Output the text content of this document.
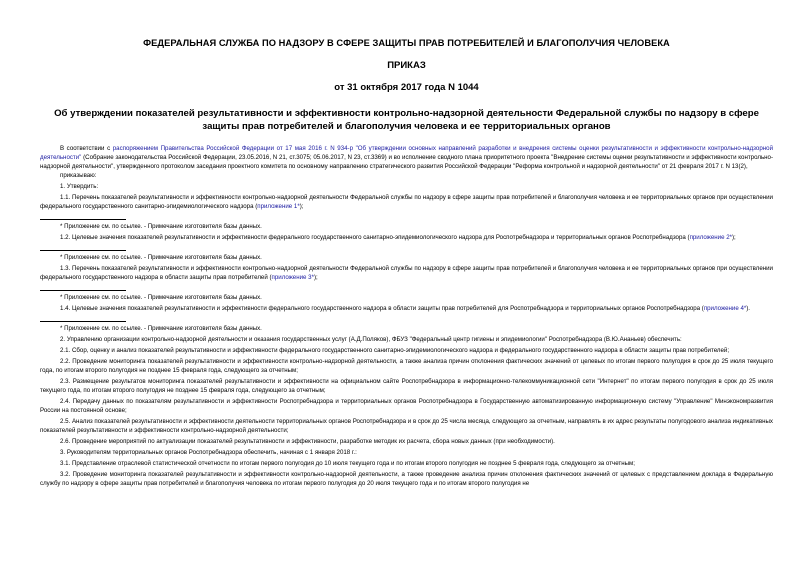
ФЕДЕРАЛЬНАЯ СЛУЖБА ПО НАДЗОРУ В СФЕРЕ ЗАЩИТЫ ПРАВ ПОТРЕБИТЕЛЕЙ И БЛАГОПОЛУЧИЯ ЧЕЛОВЕКА
ПРИКАЗ
от 31 октября 2017 года N 1044
Об утверждении показателей результативности и эффективности контрольно-надзорной деятельности Федеральной службы по надзору в сфере защиты прав потребителей и благополучия человека и ее территориальных органов

В соответствии с распоряжением Правительства Российской Федерации от 17 мая 2016 г. N 934-р "Об утверждении основных направлений разработки и внедрения системы оценки результативности и эффективности контрольно-надзорной деятельности" (Собрание законодательства Российской Федерации, 23.05.2016, N 21, ст.3075; 05.06.2017, N 23, ст.3369) и во исполнение сводного плана приоритетного проекта "Внедрение системы оценки результативности и эффективности контрольно-надзорной деятельности", утвержденного протоколом заседания проектного комитета по основному направлению стратегического развития Российской Федерации "Реформа контрольной и надзорной деятельности" от 21 февраля 2017 г. N 13(2),

приказываю:

1. Утвердить:

1.1. Перечень показателей результативности и эффективности контрольно-надзорной деятельности Федеральной службы по надзору в сфере защиты прав потребителей и благополучия человека и ее территориальных органов при осуществлении федерального государственного санитарно-эпидемиологического надзора (приложение 1*);

* Приложение см. по ссылке. - Примечание изготовителя базы данных.

1.2. Целевые значения показателей результативности и эффективности федерального государственного санитарно-эпидемиологического надзора для Роспотребнадзора и территориальных органов Роспотребнадзора (приложение 2*);

* Приложение см. по ссылке. - Примечание изготовителя базы данных.

1.3. Перечень показателей результативности и эффективности контрольно-надзорной деятельности Федеральной службы по надзору в сфере защиты прав потребителей и благополучия человека и ее территориальных органов при осуществлении федерального государственного надзора в области защиты прав потребителей (приложение 3*);

* Приложение см. по ссылке. - Примечание изготовителя базы данных.

1.4. Целевые значения показателей результативности и эффективности федерального государственного надзора в области защиты прав потребителей для Роспотребнадзора и территориальных органов Роспотребнадзора (приложение 4*).

* Приложение см. по ссылке. - Примечание изготовителя базы данных.

2. Управлению организации контрольно-надзорной деятельности и оказания государственных услуг (А.Д.Поляков), ФБУЗ "Федеральный центр гигиены и эпидемиологии" Роспотребнадзора (В.Ю.Ананьев) обеспечить:

2.1. Сбор, оценку и анализ показателей результативности и эффективности федерального государственного санитарно-эпидемиологического надзора и федерального государственного надзора в области защиты прав потребителей;

2.2. Проведение мониторинга показателей результативности и эффективности контрольно-надзорной деятельности, а также анализа причин отклонения фактических значений от целевых по итогам первого полугодия в срок до 25 июля текущего года, по итогам второго полугодия не позднее 15 февраля года, следующего за отчетным;

2.3. Размещение результатов мониторинга показателей результативности и эффективности на официальном сайте Роспотребнадзора в информационно-телекоммуникационной сети "Интернет" по итогам первого полугодия в срок до 25 июля текущего года, по итогам второго полугодия не позднее 15 февраля года, следующего за отчетным;

2.4. Передачу данных по показателям результативности и эффективности Роспотребнадзора и территориальных органов Роспотребнадзора в Государственную автоматизированную информационную систему "Управление" Минэкономразвития России на постоянной основе;

2.5. Анализ показателей результативности и эффективности деятельности территориальных органов Роспотребнадзора и в срок до 25 числа месяца, следующего за отчетным, направлять в их адрес результаты полугодового анализа индикативных показателей результативности и эффективности контрольно-надзорной деятельности;

2.6. Проведение мероприятий по актуализации показателей результативности и эффективности, разработке методик их расчета, сбора новых данных (при необходимости).

3. Руководителям территориальных органов Роспотребнадзора обеспечить, начиная с 1 января 2018 г.:

3.1. Представление отраслевой статистической отчетности по итогам первого полугодия до 10 июля текущего года и по итогам второго полугодия не позднее 5 февраля года, следующего за отчетным;

3.2. Проведение мониторинга показателей результативности и эффективности контрольно-надзорной деятельности, а также проведение анализа причин отклонения фактических значений от целевых с представлением доклада в Федеральную службу по надзору в сфере защиты прав потребителей и благополучия человека по итогам первого полугодия до 20 июля текущего года и по итогам второго полугодия не
